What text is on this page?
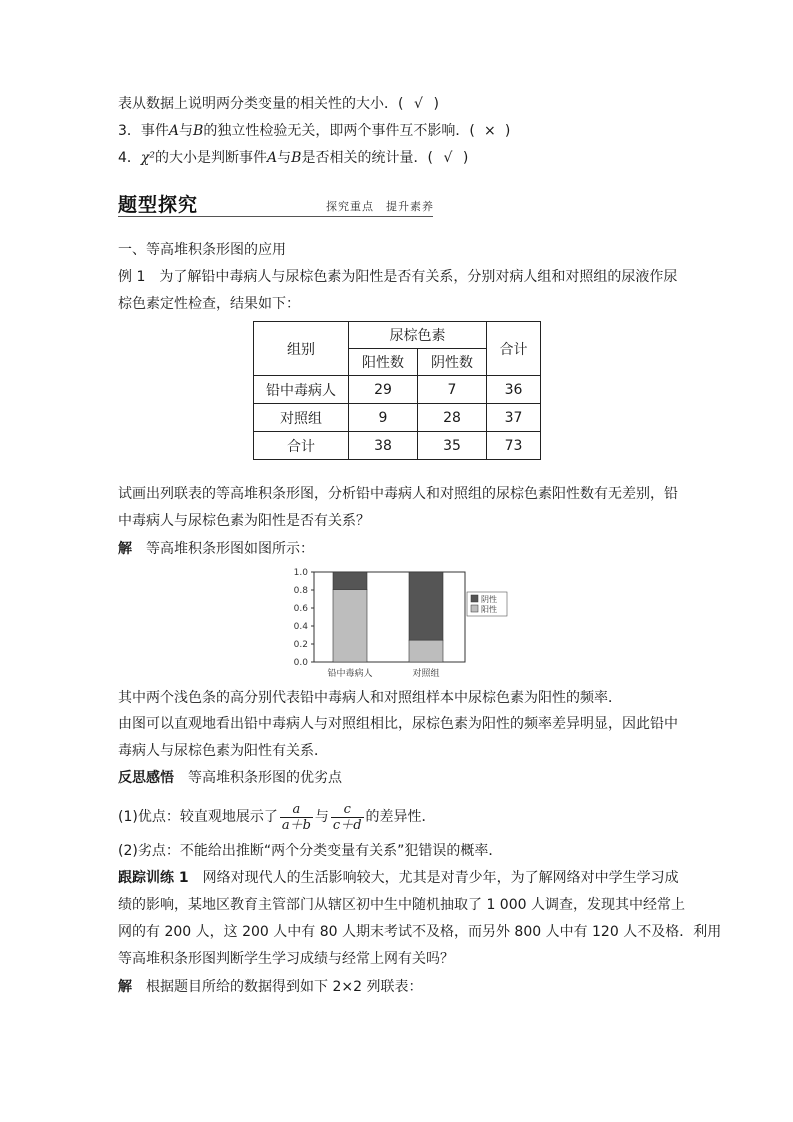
表从数据上说明两分类变量的相关性的大小．( √ )
3．事件A与B的独立性检验无关，即两个事件互不影响．( × )
4．χ²的大小是判断事件A与B是否相关的统计量．( √ )
题型探究	探究重点　提升素养
一、等高堆积条形图的应用
例 1 为了解铅中毒病人与尿棕色素为阳性是否有关系，分别对病人组和对照组的尿液作尿
棕色素定性检查，结果如下：
组别	尿棕色素		合计
	阳性数	阴性数	
铅中毒病人	29	7	36
对照组	9	28	37
合计	38	35	73
试画出列联表的等高堆积条形图，分析铅中毒病人和对照组的尿棕色素阳性数有无差别，铅
中毒病人与尿棕色素为阳性是否有关系？
解 等高堆积条形图如图所示：
0.0
0.2
0.4
0.6
0.8
1.0
铅中毒病人	对照组
阴性
阳性
其中两个浅色条的高分别代表铅中毒病人和对照组样本中尿棕色素为阳性的频率．
由图可以直观地看出铅中毒病人与对照组相比，尿棕色素为阳性的频率差异明显，因此铅中
毒病人与尿棕色素为阳性有关系．
反思感悟 等高堆积条形图的优劣点
(1)优点：较直观地展示了 $\frac{a}{a+b}$ 与 $\frac{c}{c+d}$ 的差异性．
(2)劣点：不能给出推断“两个分类变量有关系”犯错误的概率．
跟踪训练 1 网络对现代人的生活影响较大，尤其是对青少年，为了解网络对中学生学习成
绩的影响，某地区教育主管部门从辖区初中生中随机抽取了 1 000 人调查，发现其中经常上
网的有 200 人，这 200 人中有 80 人期末考试不及格，而另外 800 人中有 120 人不及格．利用
等高堆积条形图判断学生学习成绩与经常上网有关吗？
解 根据题目所给的数据得到如下 2×2 列联表：
